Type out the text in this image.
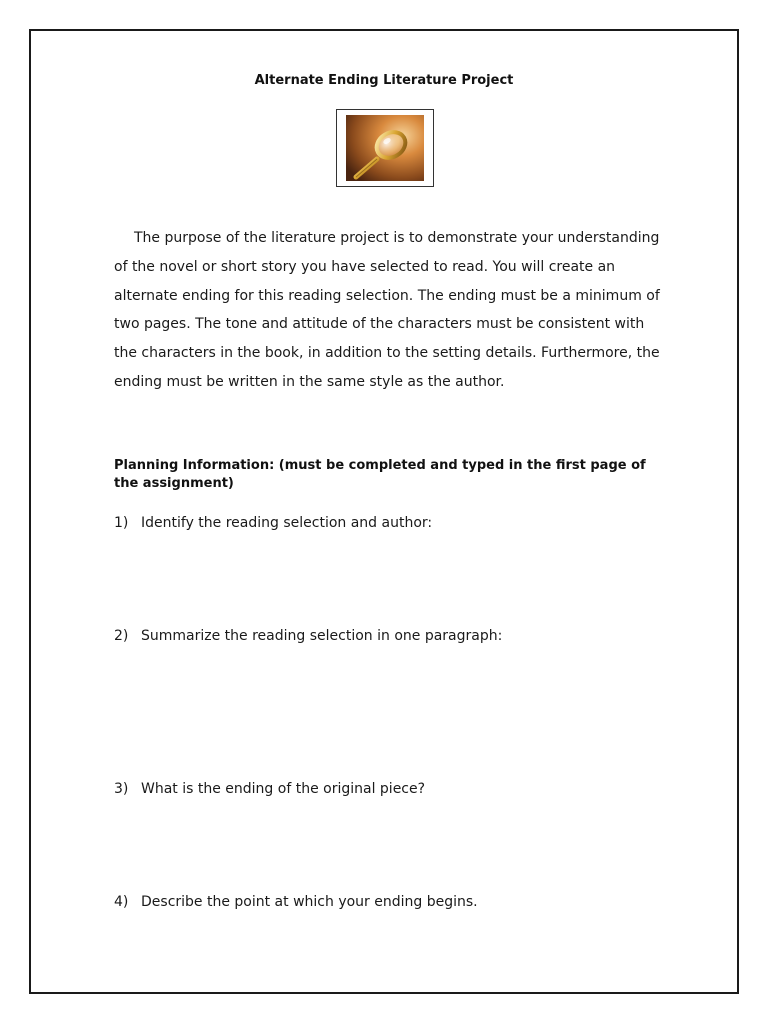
Alternate Ending Literature Project

The purpose of the literature project is to demonstrate your understanding of the novel or short story you have selected to read. You will create an alternate ending for this reading selection. The ending must be a minimum of two pages. The tone and attitude of the characters must be consistent with the characters in the book, in addition to the setting details. Furthermore, the ending must be written in the same style as the author.

Planning Information: (must be completed and typed in the first page of the assignment)

1) Identify the reading selection and author:
2) Summarize the reading selection in one paragraph:
3) What is the ending of the original piece?
4) Describe the point at which your ending begins.
